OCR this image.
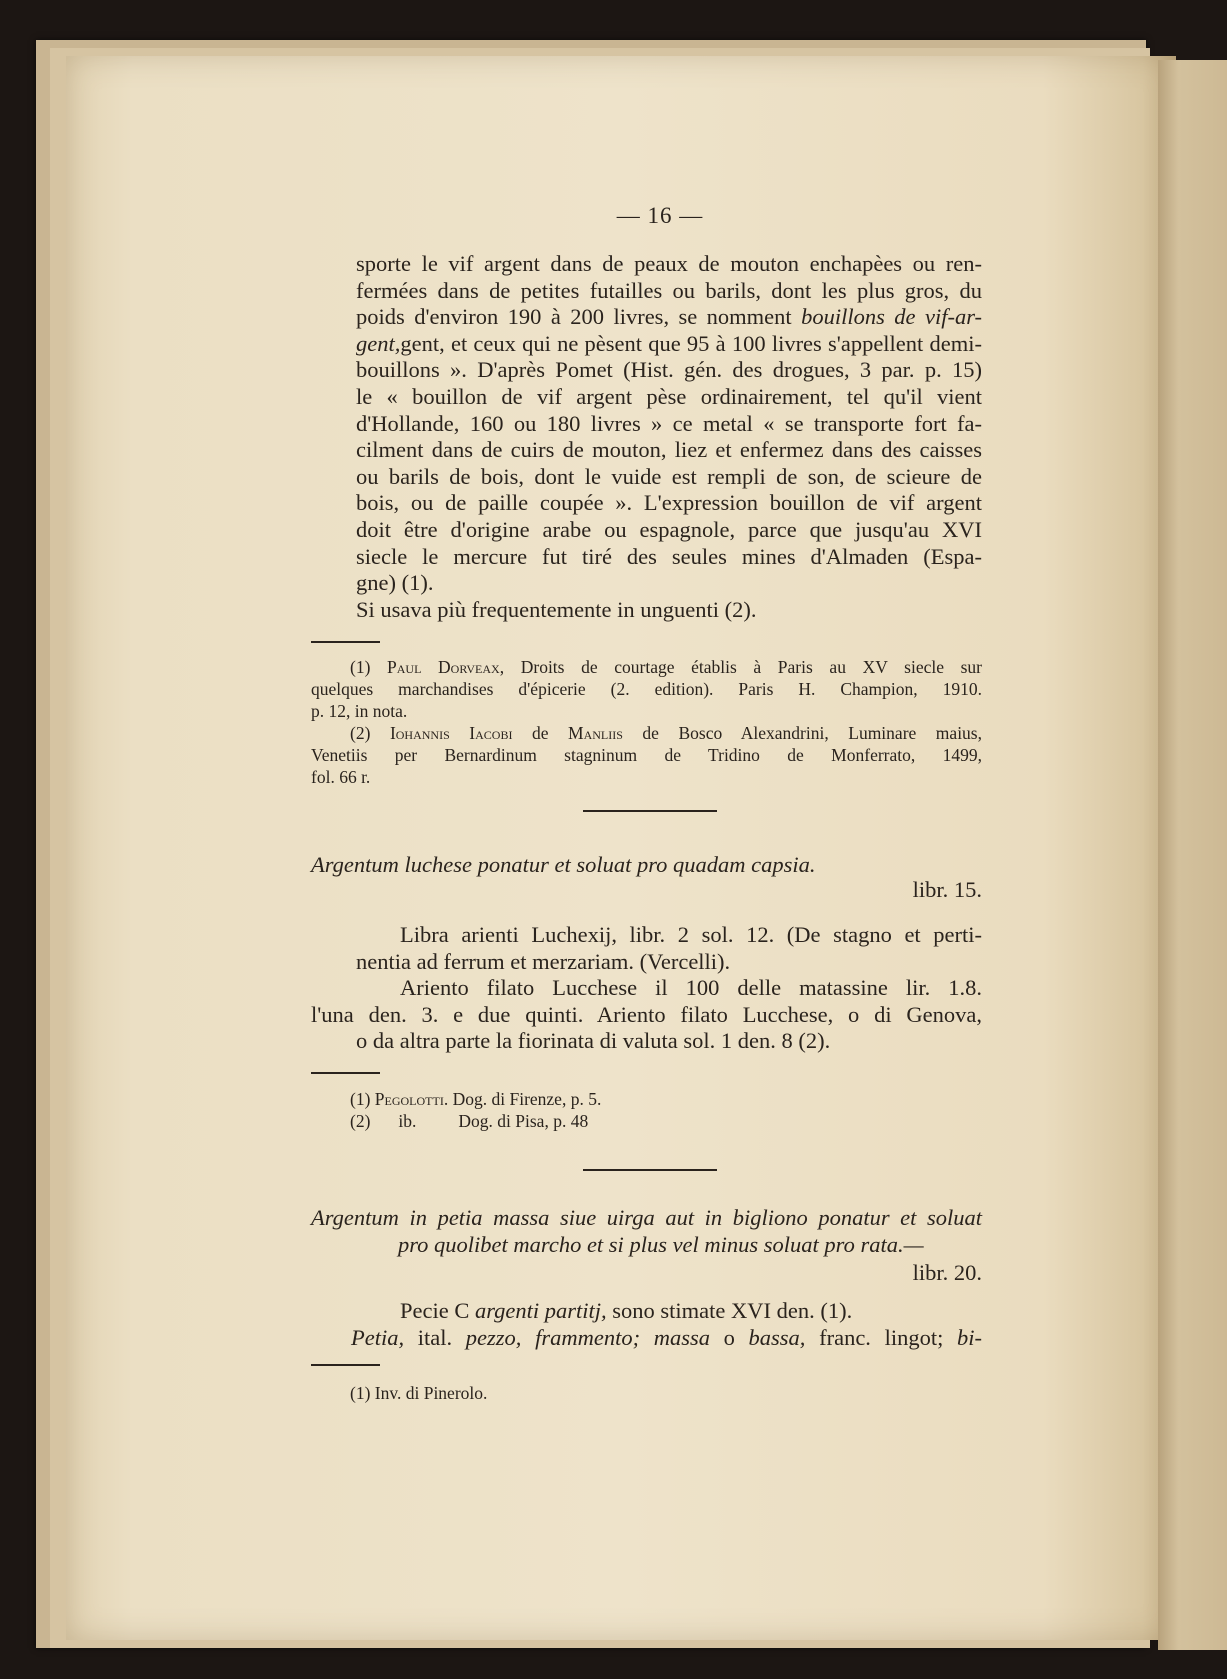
— 16 —
sporte le vif argent dans de peaux de mouton enchapèes ou ren-
fermées dans de petites futailles ou barils, dont les plus gros, du
poids d'environ 190 à 200 livres, se nomment bouillons de vif-ar-
gent,gent, et ceux qui ne pèsent que 95 à 100 livres s'appellent demi-
bouillons ». D'après Pomet (Hist. gén. des drogues, 3 par. p. 15)
le « bouillon de vif argent pèse ordinairement, tel qu'il vient
d'Hollande, 160 ou 180 livres » ce metal « se transporte fort fa-
cilment dans de cuirs de mouton, liez et enfermez dans des caisses
ou barils de bois, dont le vuide est rempli de son, de scieure de
bois, ou de paille coupée ». L'expression bouillon de vif argent
doit être d'origine arabe ou espagnole, parce que jusqu'au XVI
siecle le mercure fut tiré des seules mines d'Almaden (Espa-
gne) (1).
Si usava più frequentemente in unguenti (2).
(1) Paul Dorveax, Droits de courtage établis à Paris au XV siecle sur
quelques marchandises d'épicerie (2. edition). Paris H. Champion, 1910.
p. 12, in nota.
(2) Iohannis Iacobi de Manliis de Bosco Alexandrini, Luminare maius,
Venetiis per Bernardinum stagninum de Tridino de Monferrato, 1499,
fol. 66 r.
Argentum luchese ponatur et soluat pro quadam capsia.
libr. 15.
Libra arienti Luchexij, libr. 2 sol. 12. (De stagno et perti-
nentia ad ferrum et merzariam. (Vercelli).
Ariento filato Lucchese il 100 delle matassine lir. 1.8.
l'una den. 3. e due quinti. Ariento filato Lucchese, o di Genova,
o da altra parte la fiorinata di valuta sol. 1 den. 8 (2).
(1) Pegolotti. Dog. di Firenze, p. 5.
(2) ib. Dog. di Pisa, p. 48
Argentum in petia massa siue uirga aut in bigliono ponatur et soluat
pro quolibet marcho et si plus vel minus soluat pro rata.—
libr. 20.
Pecie C argenti partitj, sono stimate XVI den. (1).
Petia, ital. pezzo, frammento; massa o bassa, franc. lingot; bi-
(1) Inv. di Pinerolo.
